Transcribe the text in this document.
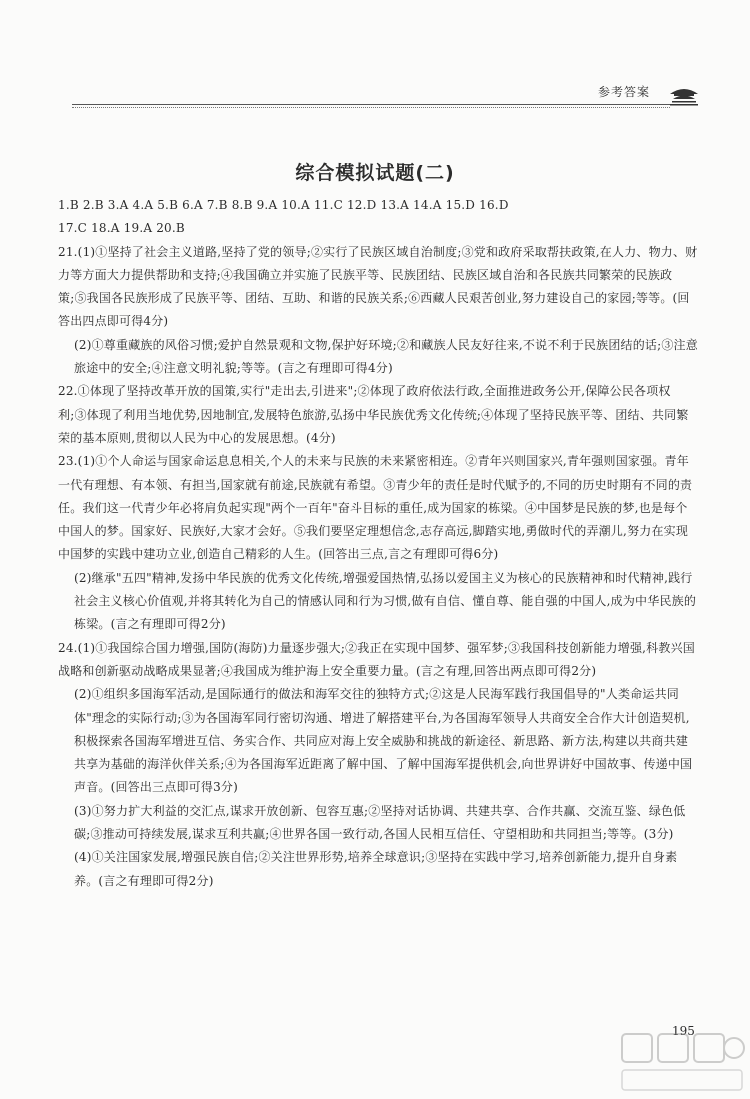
参考答案
综合模拟试题(二)

1.B 2.B 3.A 4.A 5.B 6.A 7.B 8.B 9.A 10.A 11.C 12.D 13.A 14.A 15.D 16.D

17.C 18.A 19.A 20.B

21.(1)①坚持了社会主义道路,坚持了党的领导;②实行了民族区域自治制度;③党和政府采取帮扶政策,在人力、物力、财力等方面大力提供帮助和支持;④我国确立并实施了民族平等、民族团结、民族区域自治和各民族共同繁荣的民族政策;⑤我国各民族形成了民族平等、团结、互助、和谐的民族关系;⑥西藏人民艰苦创业,努力建设自己的家园;等等。(回答出四点即可得4分)

(2)①尊重藏族的风俗习惯;爱护自然景观和文物,保护好环境;②和藏族人民友好往来,不说不利于民族团结的话;③注意旅途中的安全;④注意文明礼貌;等等。(言之有理即可得4分)

22.①体现了坚持改革开放的国策,实行"走出去,引进来";②体现了政府依法行政,全面推进政务公开,保障公民各项权利;③体现了利用当地优势,因地制宜,发展特色旅游,弘扬中华民族优秀文化传统;④体现了坚持民族平等、团结、共同繁荣的基本原则,贯彻以人民为中心的发展思想。(4分)

23.(1)①个人命运与国家命运息息相关,个人的未来与民族的未来紧密相连。②青年兴则国家兴,青年强则国家强。青年一代有理想、有本领、有担当,国家就有前途,民族就有希望。③青少年的责任是时代赋予的,不同的历史时期有不同的责任。我们这一代青少年必将肩负起实现"两个一百年"奋斗目标的重任,成为国家的栋梁。④中国梦是民族的梦,也是每个中国人的梦。国家好、民族好,大家才会好。⑤我们要坚定理想信念,志存高远,脚踏实地,勇做时代的弄潮儿,努力在实现中国梦的实践中建功立业,创造自己精彩的人生。(回答出三点,言之有理即可得6分)

(2)继承"五四"精神,发扬中华民族的优秀文化传统,增强爱国热情,弘扬以爱国主义为核心的民族精神和时代精神,践行社会主义核心价值观,并将其转化为自己的情感认同和行为习惯,做有自信、懂自尊、能自强的中国人,成为中华民族的栋梁。(言之有理即可得2分)

24.(1)①我国综合国力增强,国防(海防)力量逐步强大;②我正在实现中国梦、强军梦;③我国科技创新能力增强,科教兴国战略和创新驱动战略成果显著;④我国成为维护海上安全重要力量。(言之有理,回答出两点即可得2分)

(2)①组织多国海军活动,是国际通行的做法和海军交往的独特方式;②这是人民海军践行我国倡导的"人类命运共同体"理念的实际行动;③为各国海军同行密切沟通、增进了解搭建平台,为各国海军领导人共商安全合作大计创造契机,积极探索各国海军增进互信、务实合作、共同应对海上安全威胁和挑战的新途径、新思路、新方法,构建以共商共建共享为基础的海洋伙伴关系;④为各国海军近距离了解中国、了解中国海军提供机会,向世界讲好中国故事、传递中国声音。(回答出三点即可得3分)

(3)①努力扩大利益的交汇点,谋求开放创新、包容互惠;②坚持对话协调、共建共享、合作共赢、交流互鉴、绿色低碳;③推动可持续发展,谋求互利共赢;④世界各国一致行动,各国人民相互信任、守望相助和共同担当;等等。(3分)

(4)①关注国家发展,增强民族自信;②关注世界形势,培养全球意识;③坚持在实践中学习,培养创新能力,提升自身素养。(言之有理即可得2分)

195
